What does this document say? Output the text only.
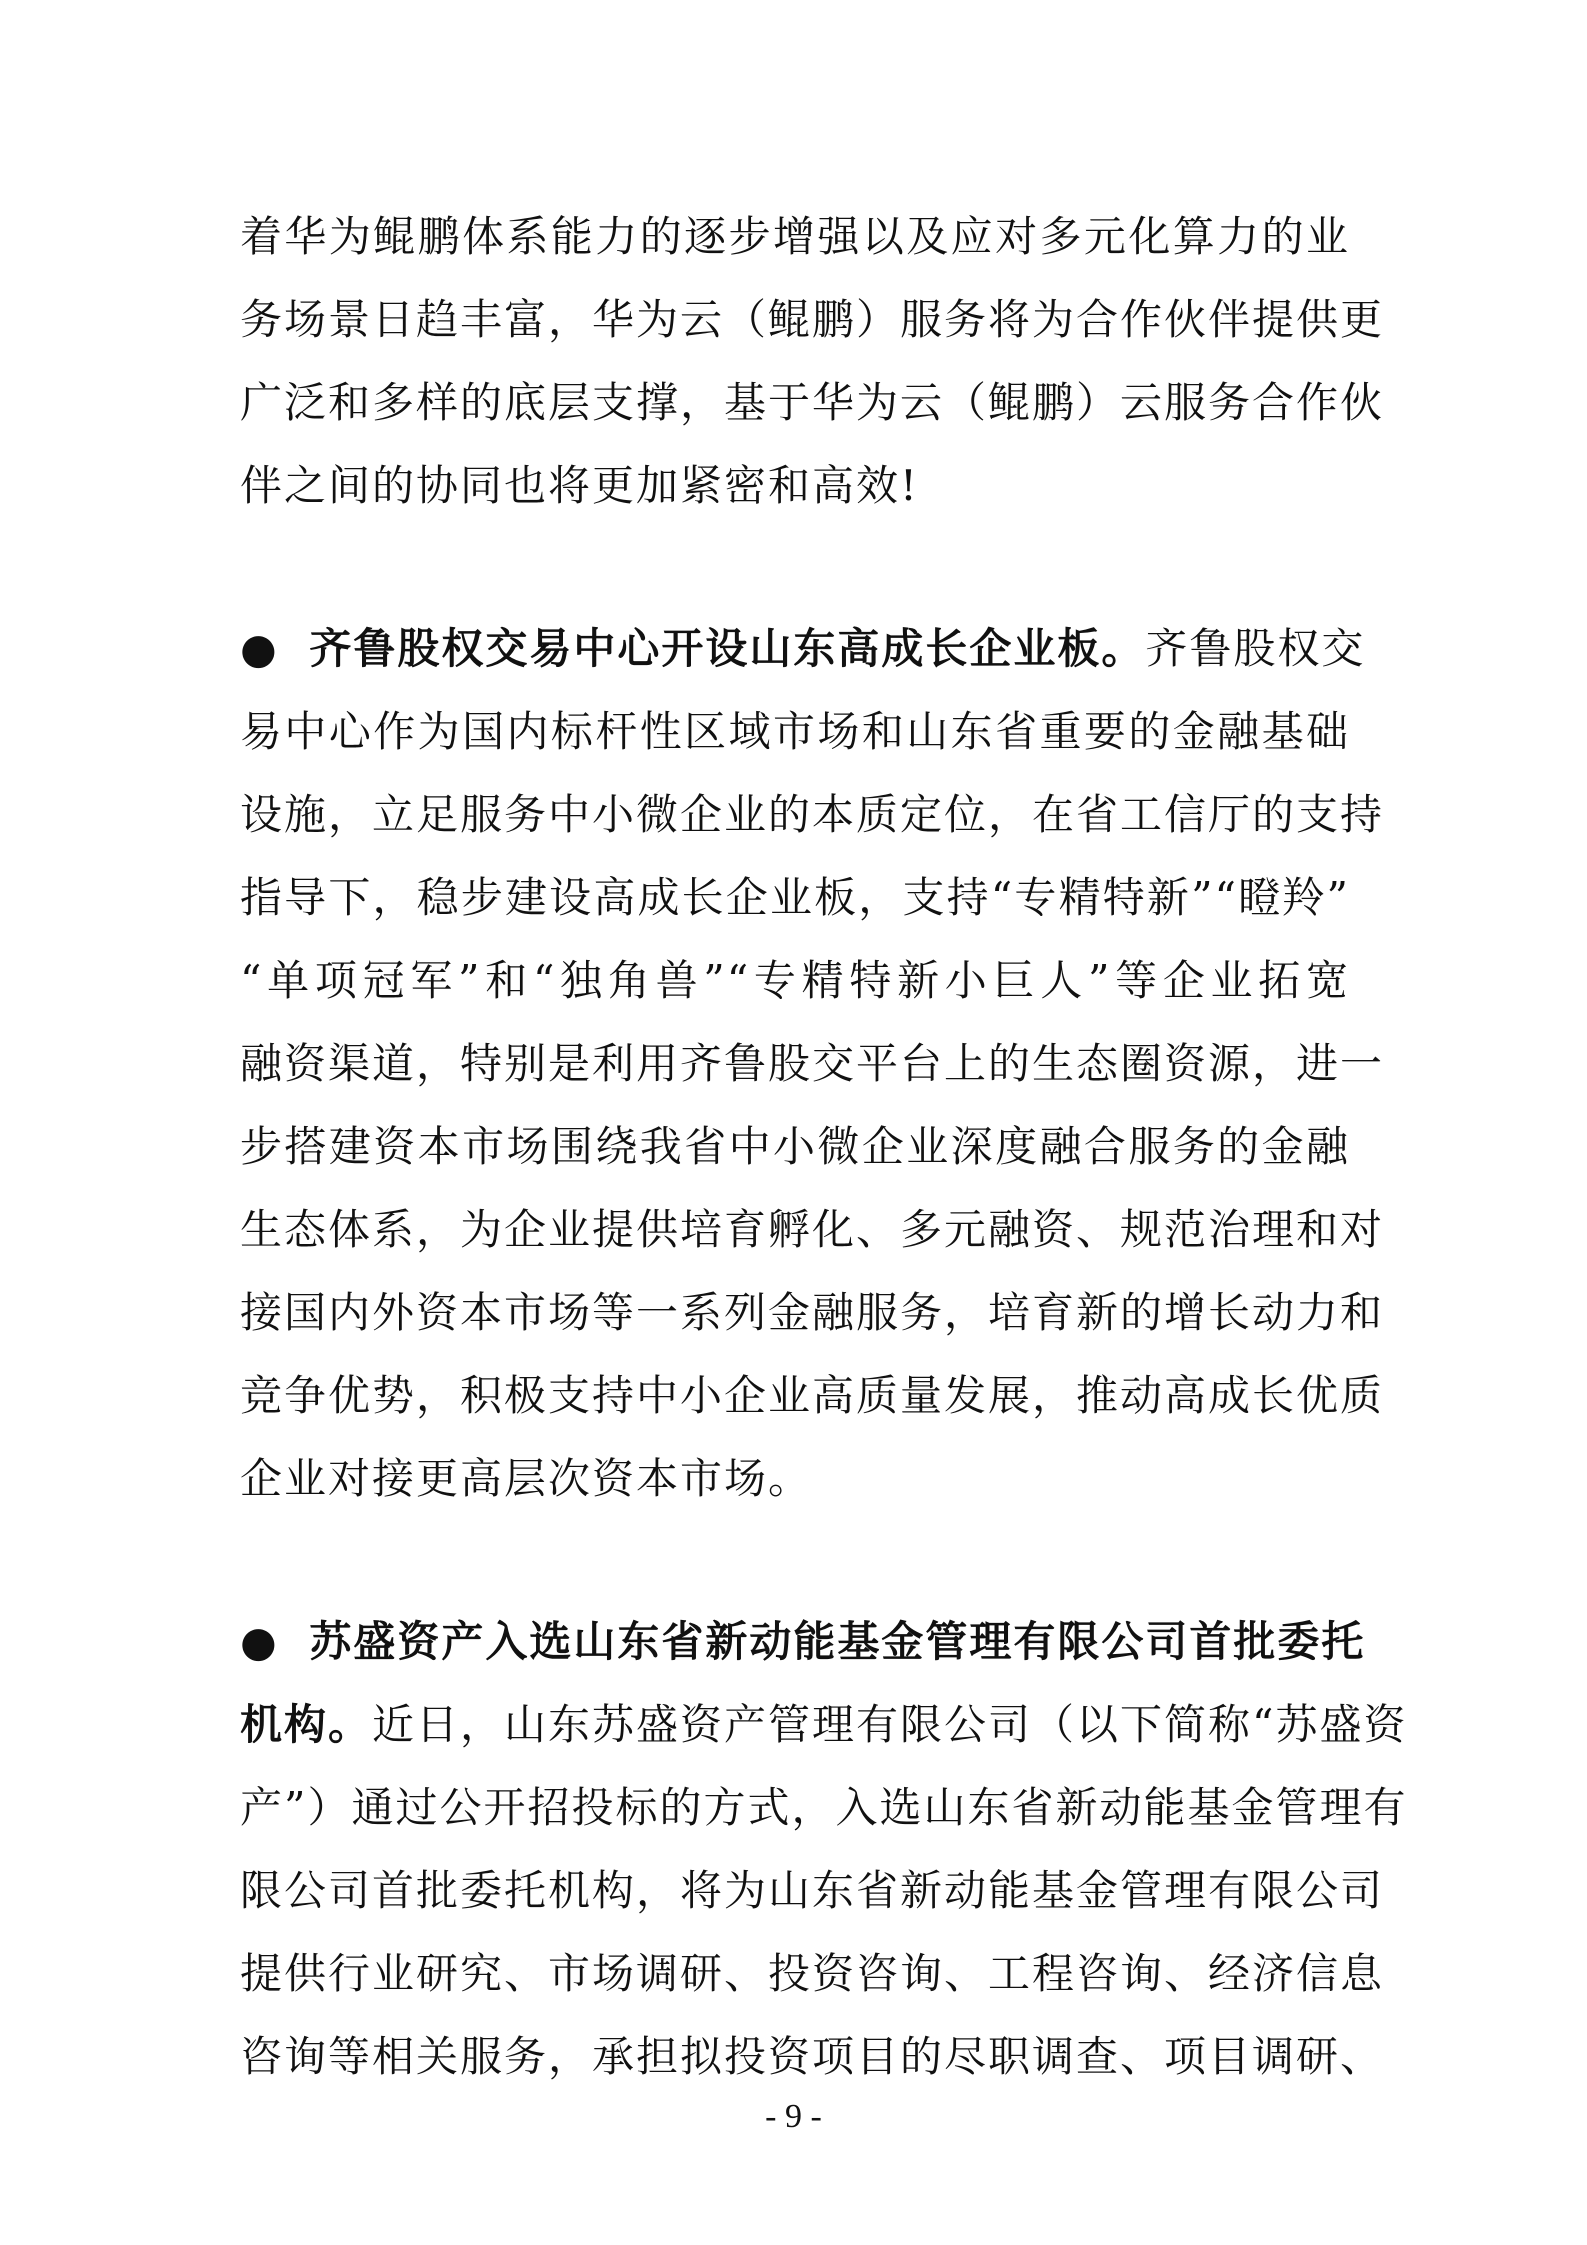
着华为鲲鹏体系能力的逐步增强以及应对多元化算力的业
务场景日趋丰富，华为云（鲲鹏）服务将为合作伙伴提供更
广泛和多样的底层支撑，基于华为云（鲲鹏）云服务合作伙
伴之间的协同也将更加紧密和高效!
● 齐鲁股权交易中心开设山东高成长企业板。齐鲁股权交
易中心作为国内标杆性区域市场和山东省重要的金融基础
设施，立足服务中小微企业的本质定位，在省工信厅的支持
指导下，稳步建设高成长企业板，支持“专精特新”“瞪羚”
“单项冠军”和“独角兽”“专精特新小巨人”等企业拓宽
融资渠道，特别是利用齐鲁股交平台上的生态圈资源，进一
步搭建资本市场围绕我省中小微企业深度融合服务的金融
生态体系，为企业提供培育孵化、多元融资、规范治理和对
接国内外资本市场等一系列金融服务，培育新的增长动力和
竞争优势，积极支持中小企业高质量发展，推动高成长优质
企业对接更高层次资本市场。
● 苏盛资产入选山东省新动能基金管理有限公司首批委托
机构。近日，山东苏盛资产管理有限公司（以下简称“苏盛资
产”）通过公开招投标的方式，入选山东省新动能基金管理有
限公司首批委托机构，将为山东省新动能基金管理有限公司
提供行业研究、市场调研、投资咨询、工程咨询、经济信息
咨询等相关服务，承担拟投资项目的尽职调查、项目调研、
- 9 -
